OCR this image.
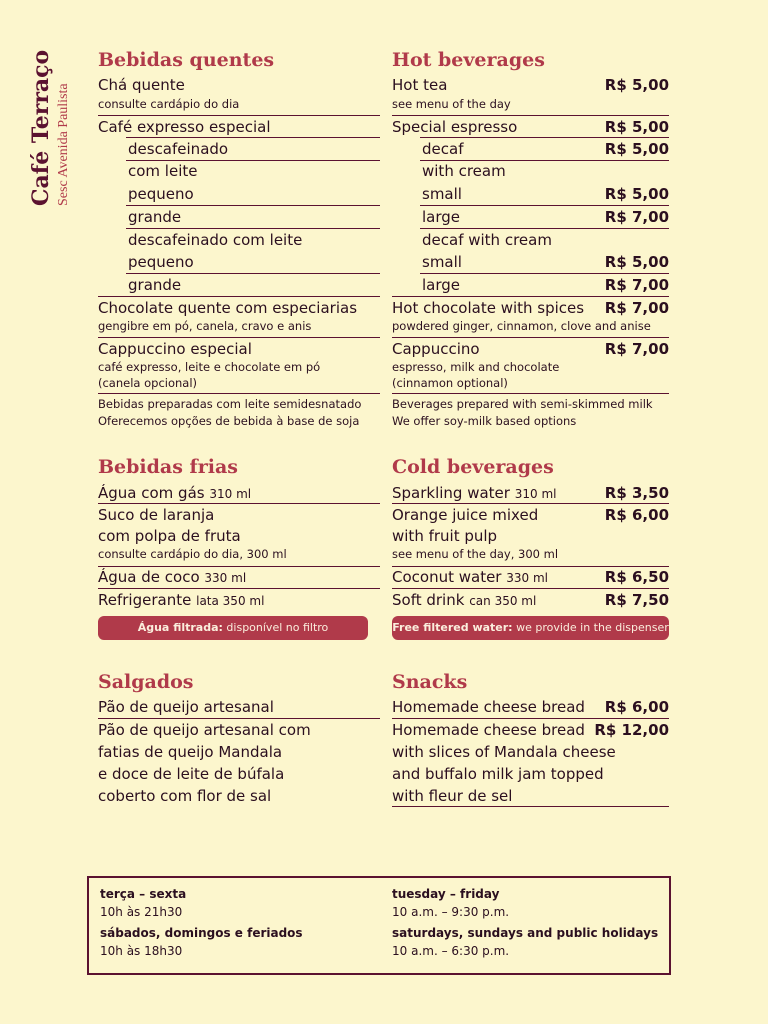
Café Terraço Sesc Avenida Paulista
Bebidas quentes
Chá quente
consulte cardápio do dia
Café expresso especial
descafeinado
com leite
pequeno
grande
descafeinado com leite
pequeno
grande
Chocolate quente com especiarias
gengibre em pó, canela, cravo e anis
Cappuccino especial
café expresso, leite e chocolate em pó
(canela opcional)
Bebidas preparadas com leite semidesnatado
Oferecemos opções de bebida à base de soja
Hot beverages
Hot tea	R$ 5,00
see menu of the day
Special espresso	R$ 5,00
decaf	R$ 5,00
with cream
small	R$ 5,00
large	R$ 7,00
decaf with cream
small	R$ 5,00
large	R$ 7,00
Hot chocolate with spices R$ 7,00
powdered ginger, cinnamon, clove and anise
Cappuccino	R$ 7,00
espresso, milk and chocolate
(cinnamon optional)
Beverages prepared with semi-skimmed milk
We offer soy-milk based options
Bebidas frias
Água com gás 310 ml
Suco de laranja
com polpa de fruta
consulte cardápio do dia, 300 ml
Água de coco 330 ml
Refrigerante lata 350 ml
Água filtrada: disponível no filtro
Cold beverages
Sparkling water 310 ml	R$ 3,50
Orange juice mixed	R$ 6,00
with fruit pulp
see menu of the day, 300 ml
Coconut water 330 ml	R$ 6,50
Soft drink can 350 ml	R$ 7,50
Free filtered water: we provide in the dispenser
Salgados
Pão de queijo artesanal
Pão de queijo artesanal com
fatias de queijo Mandala
e doce de leite de búfala
coberto com flor de sal
Snacks
Homemade cheese bread R$ 6,00
Homemade cheese bread R$ 12,00
with slices of Mandala cheese
and buffalo milk jam topped
with fleur de sel
terça – sexta
10h às 21h30
sábados, domingos e feriados
10h às 18h30
tuesday – friday
10 a.m. – 9:30 p.m.
saturdays, sundays and public holidays
10 a.m. – 6:30 p.m.
